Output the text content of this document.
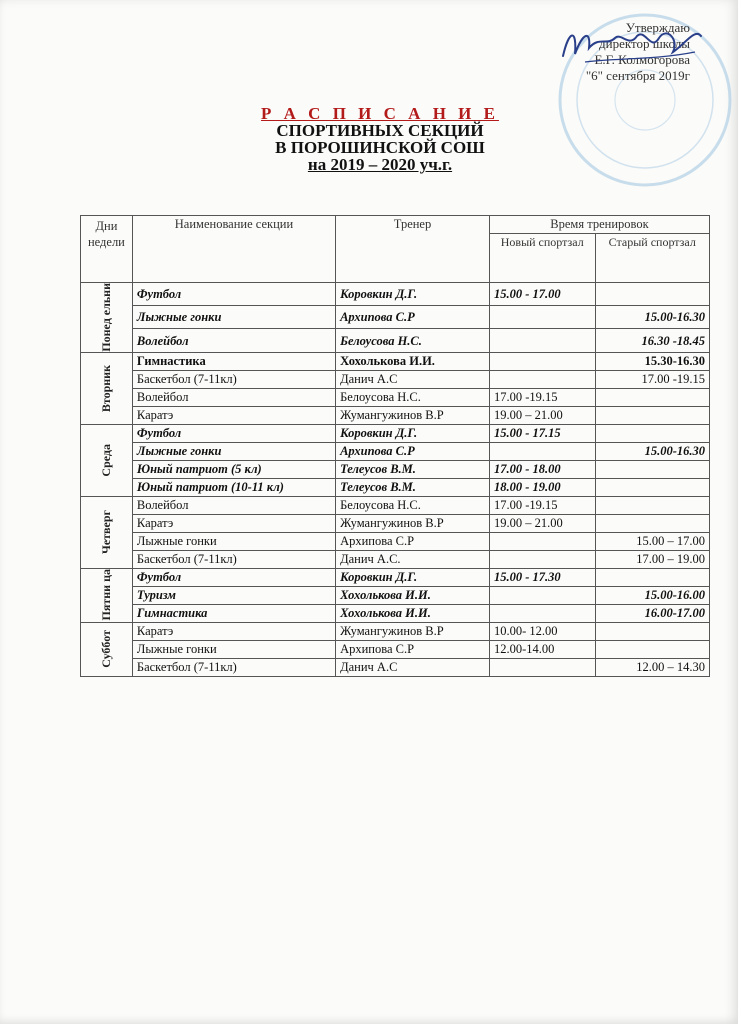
Утверждаю
директор школы
Е.Г. Колмогорова
"6" сентября 2019г
Р А С П И С А Н И Е
СПОРТИВНЫХ СЕКЦИЙ
В ПОРОШИНСКОЙ СОШ
на 2019 – 2020 уч.г.
Дни недели	Наименование секции	Тренер	Время тренировок	
			Новый спортзал	Старый спортзал

Понед ельни	Футбол	Коровкин Д.Г.	15.00 - 17.00	
	Лыжные гонки	Архипова С.Р		15.00-16.30
	Волейбол	Белоусова Н.С.		16.30 -18.45

Вторник	Гимнастика	Хохолькова И.И.		15.30-16.30
	Баскетбол (7-11кл)	Данич А.С		17.00 -19.15
	Волейбол	Белоусова Н.С.	17.00 -19.15	
	Каратэ	Жумангужинов В.Р	19.00 – 21.00	

Среда	Футбол	Коровкин Д.Г.	15.00 - 17.15	
	Лыжные гонки	Архипова С.Р		15.00-16.30
	Юный патриот (5 кл)	Телеусов В.М.	17.00 - 18.00	
	Юный патриот (10-11 кл)	Телеусов В.М.	18.00 - 19.00	

Четверг	Волейбол	Белоусова Н.С.	17.00 -19.15	
	Каратэ	Жумангужинов В.Р	19.00 – 21.00	
	Лыжные гонки	Архипова С.Р		15.00 – 17.00
	Баскетбол (7-11кл)	Данич А.С.		17.00 – 19.00

Пятни ца	Футбол	Коровкин Д.Г.	15.00 - 17.30	
	Туризм	Хохолькова И.И.		15.00-16.00
	Гимнастика	Хохолькова И.И.		16.00-17.00

Суббот	Каратэ	Жумангужинов В.Р	10.00- 12.00	
	Лыжные гонки	Архипова С.Р	12.00-14.00	
	Баскетбол (7-11кл)	Данич А.С		12.00 – 14.30
